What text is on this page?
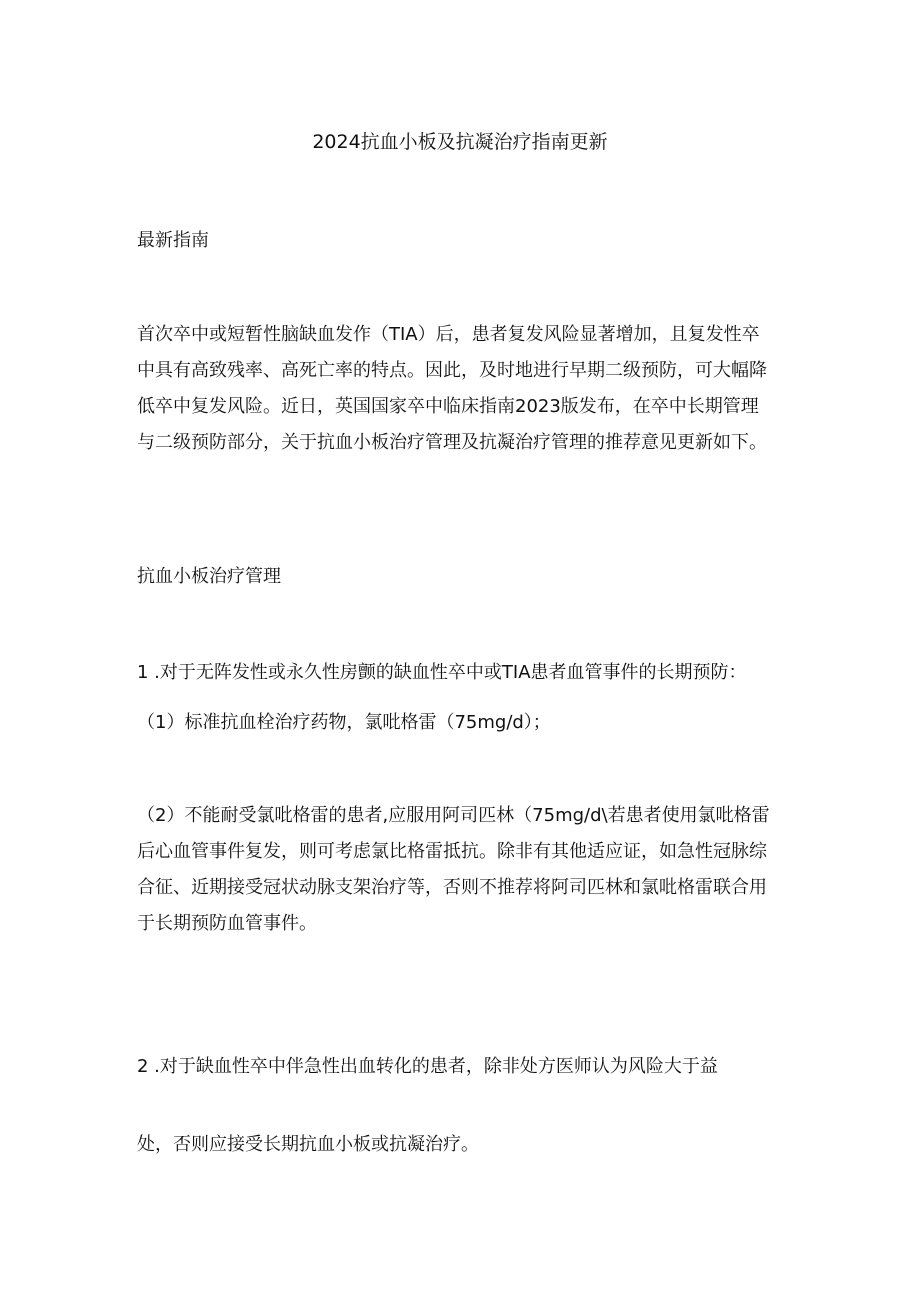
2024抗血小板及抗凝治疗指南更新
最新指南
首次卒中或短暂性脑缺血发作（TIA）后，患者复发风险显著增加，且复发性卒
中具有高致残率、高死亡率的特点。因此，及时地进行早期二级预防，可大幅降
低卒中复发风险。近日，英国国家卒中临床指南2023版发布，在卒中长期管理
与二级预防部分，关于抗血小板治疗管理及抗凝治疗管理的推荐意见更新如下。
抗血小板治疗管理

1 .对于无阵发性或永久性房颤的缺血性卒中或TIA患者血管事件的长期预防：

（1）标准抗血栓治疗药物，氯吡格雷（75mg∕d）；

（2）不能耐受氯吡格雷的患者,应服用阿司匹林（75mg∕d\若患者使用氯吡格雷
后心血管事件复发，则可考虑氯比格雷抵抗。除非有其他适应证，如急性冠脉综
合征、近期接受冠状动脉支架治疗等，否则不推荐将阿司匹林和氯吡格雷联合用
于长期预防血管事件。

2 .对于缺血性卒中伴急性出血转化的患者，除非处方医师认为风险大于益

处，否则应接受长期抗血小板或抗凝治疗。
